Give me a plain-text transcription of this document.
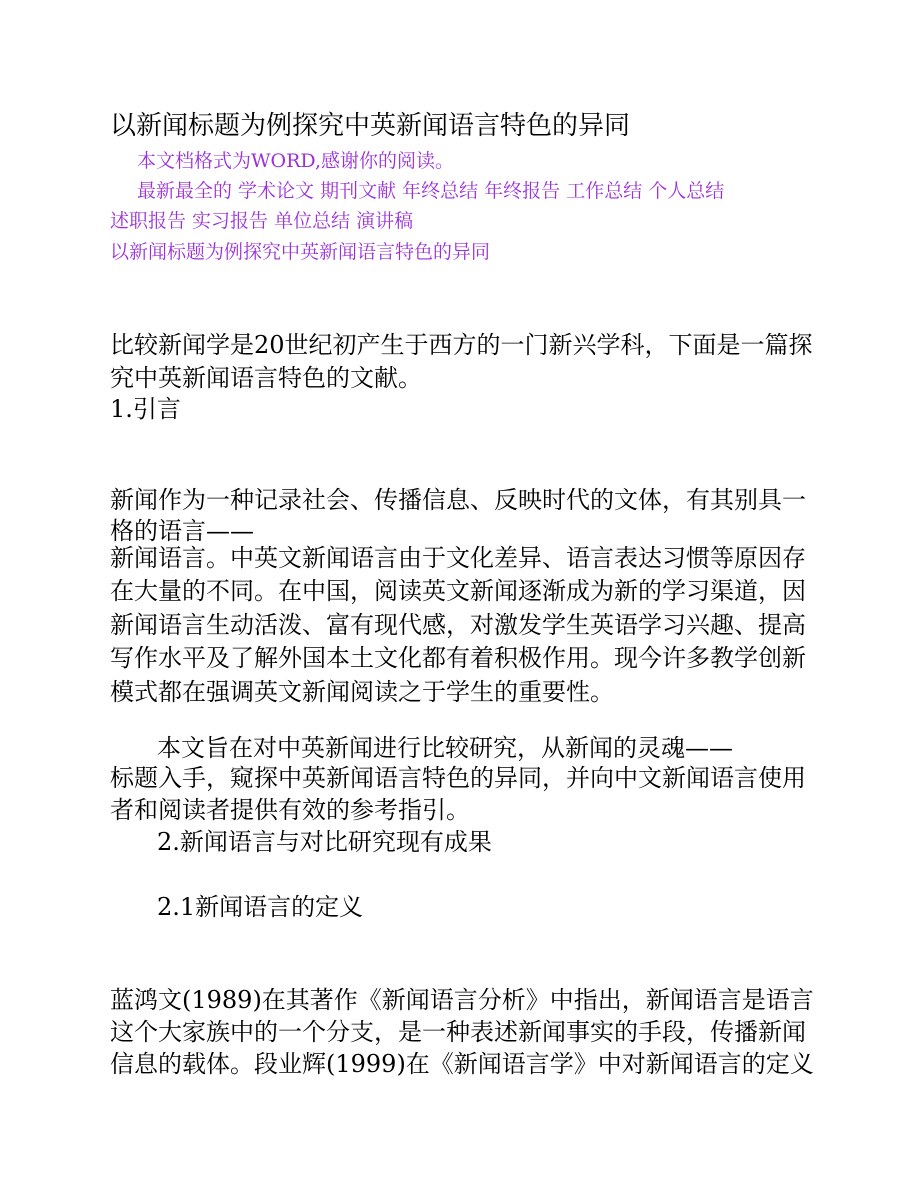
以新闻标题为例探究中英新闻语言特色的异同
本文档格式为WORD,感谢你的阅读。
最新最全的 学术论文 期刊文献 年终总结 年终报告 工作总结 个人总结
述职报告 实习报告 单位总结 演讲稿
以新闻标题为例探究中英新闻语言特色的异同
比较新闻学是20世纪初产生于西方的一门新兴学科，下面是一篇探
究中英新闻语言特色的文献。
1.引言
新闻作为一种记录社会、传播信息、反映时代的文体，有其别具一
格的语言——
新闻语言。中英文新闻语言由于文化差异、语言表达习惯等原因存
在大量的不同。在中国，阅读英文新闻逐渐成为新的学习渠道，因
新闻语言生动活泼、富有现代感，对激发学生英语学习兴趣、提高
写作水平及了解外国本土文化都有着积极作用。现今许多教学创新
模式都在强调英文新闻阅读之于学生的重要性。
本文旨在对中英新闻进行比较研究，从新闻的灵魂——
标题入手，窥探中英新闻语言特色的异同，并向中文新闻语言使用
者和阅读者提供有效的参考指引。
2.新闻语言与对比研究现有成果
2.1新闻语言的定义
蓝鸿文(1989)在其著作《新闻语言分析》中指出，新闻语言是语言
这个大家族中的一个分支，是一种表述新闻事实的手段，传播新闻
信息的载体。段业辉(1999)在《新闻语言学》中对新闻语言的定义
